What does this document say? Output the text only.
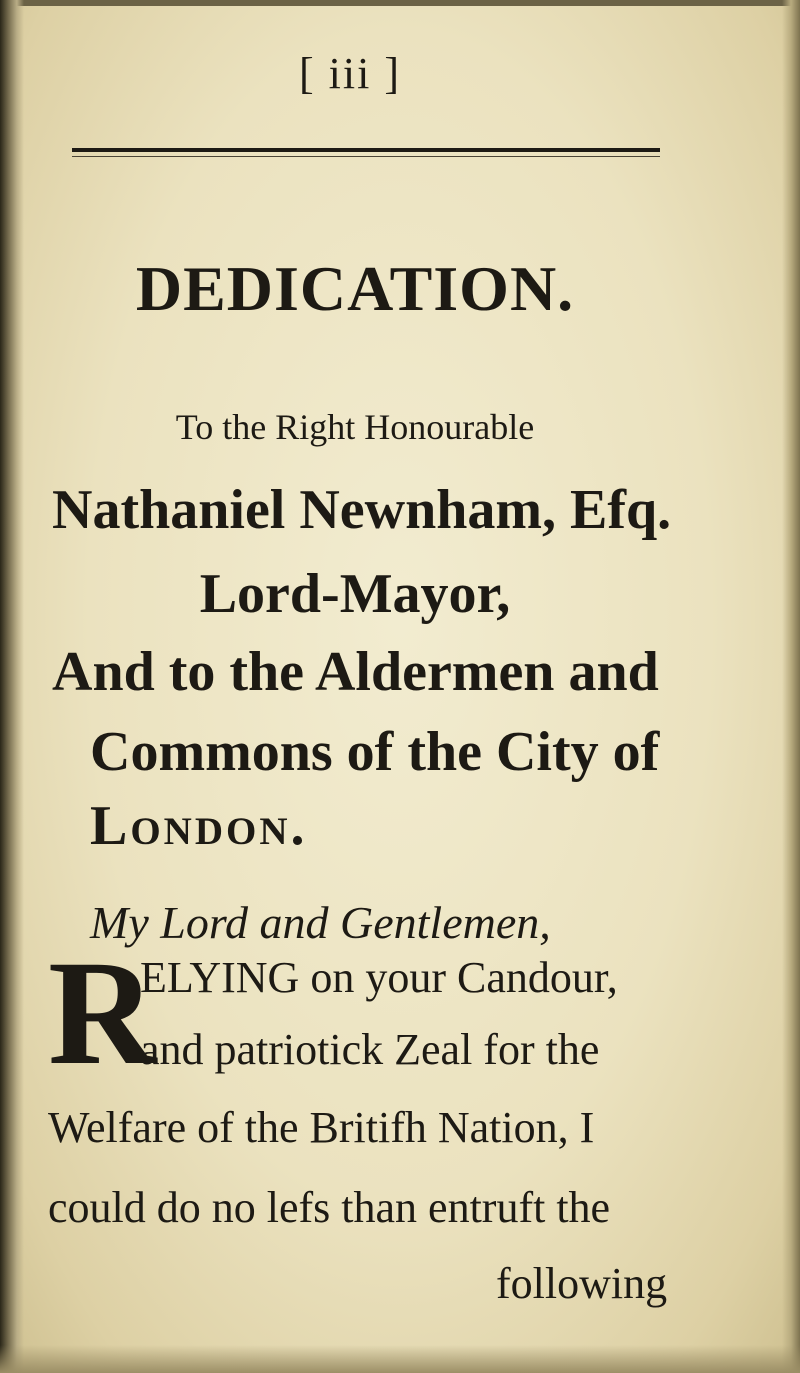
[ iii ]
DEDICATION.
To the Right Honourable
Nathaniel Newnham, Efq.
Lord-Mayor,
And to the Aldermen and
Commons of the City of
London.
My Lord and Gentlemen,
R
ELYING on your Candour,
and patriotick Zeal for the
Welfare of the Britifh Nation, I
could do no lefs than entruft the
following
